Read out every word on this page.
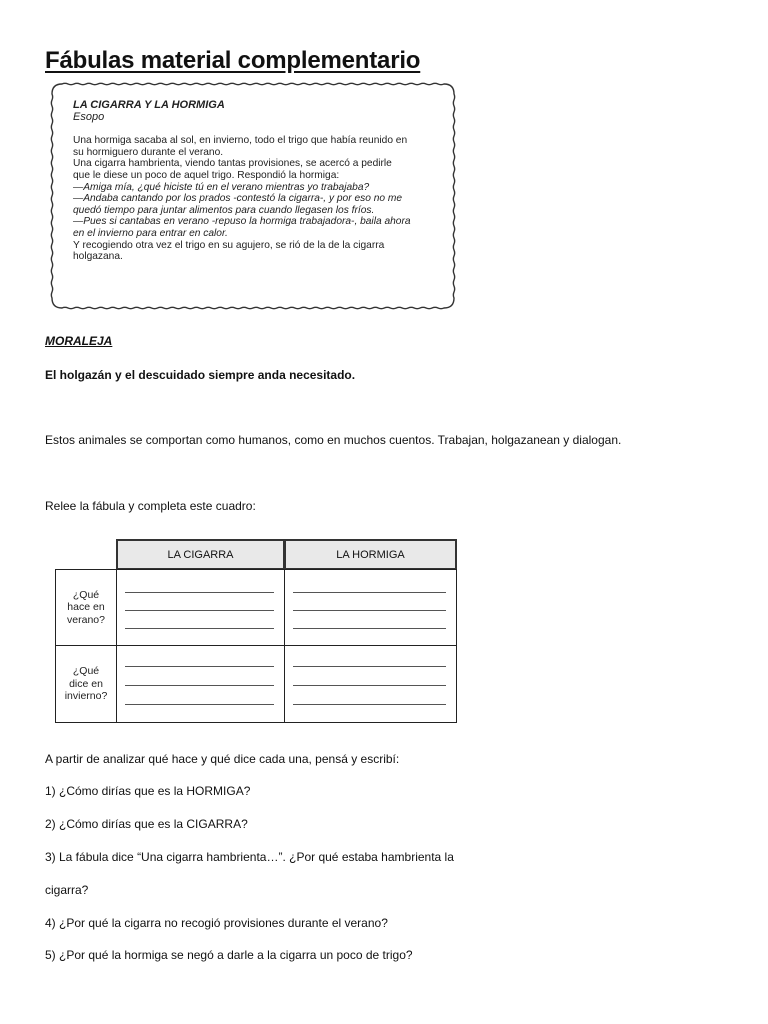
Fábulas material complementario
LA CIGARRA Y LA HORMIGA
Esopo
Una hormiga sacaba al sol, en invierno, todo el trigo que había reunido en
su hormiguero durante el verano.
Una cigarra hambrienta, viendo tantas provisiones, se acercó a pedirle
que le diese un poco de aquel trigo. Respondió la hormiga:
—Amiga mía, ¿qué hiciste tú en el verano mientras yo trabajaba?
—Andaba cantando por los prados -contestó la cigarra-, y por eso no me
quedó tiempo para juntar alimentos para cuando llegasen los fríos.
—Pues si cantabas en verano -repuso la hormiga trabajadora-, baila ahora
en el invierno para entrar en calor.
Y recogiendo otra vez el trigo en su agujero, se rió de la de la cigarra
holgazana.
MORALEJA
El holgazán y el descuidado siempre anda necesitado.
Estos animales se comportan como humanos, como en muchos cuentos. Trabajan, holgazanean y dialogan.
Relee la fábula y completa este cuadro:
LA CIGARRA	LA HORMIGA
¿Qué
hace en
verano?
¿Qué
dice en
invierno?
A partir de analizar qué hace y qué dice cada una, pensá y escribí:
1) ¿Cómo dirías que es la HORMIGA?
2) ¿Cómo dirías que es la CIGARRA?
3) La fábula dice “Una cigarra hambrienta…”. ¿Por qué estaba hambrienta la
cigarra?
4) ¿Por qué la cigarra no recogió provisiones durante el verano?
5) ¿Por qué la hormiga se negó a darle a la cigarra un poco de trigo?
